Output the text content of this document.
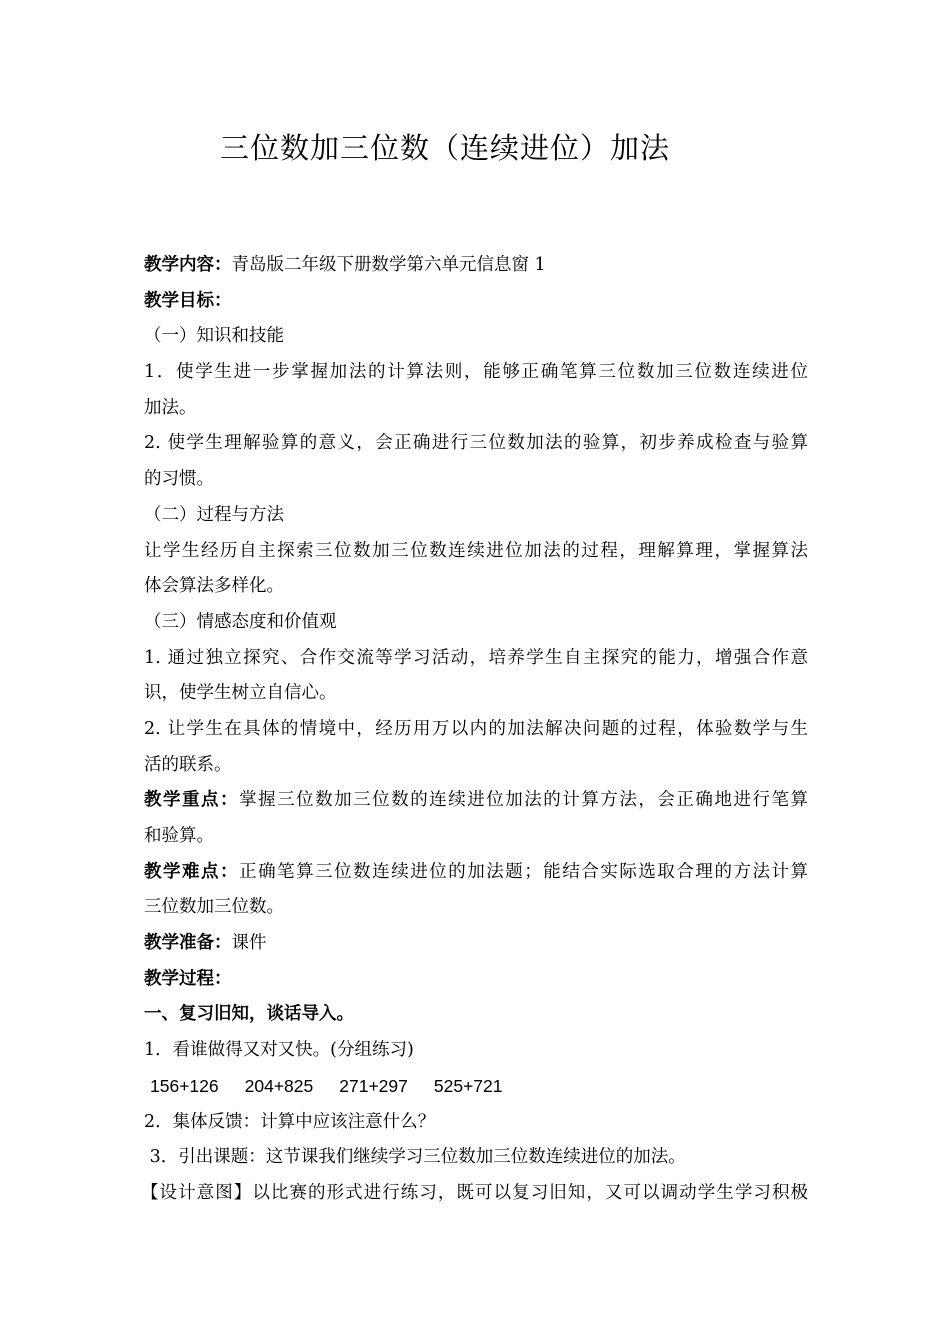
三位数加三位数（连续进位）加法
教学内容：青岛版二年级下册数学第六单元信息窗 1
教学目标：
（一）知识和技能
1．使学生进一步掌握加法的计算法则，能够正确笔算三位数加三位数连续进位
加法。
2. 使学生理解验算的意义，会正确进行三位数加法的验算，初步养成检查与验算
的习惯。
（二）过程与方法
让学生经历自主探索三位数加三位数连续进位加法的过程，理解算理，掌握算法
体会算法多样化。
（三）情感态度和价值观
1. 通过独立探究、合作交流等学习活动，培养学生自主探究的能力，增强合作意
识，使学生树立自信心。
2. 让学生在具体的情境中，经历用万以内的加法解决问题的过程，体验数学与生
活的联系。
教学重点：掌握三位数加三位数的连续进位加法的计算方法，会正确地进行笔算
和验算。
教学难点：正确笔算三位数连续进位的加法题；能结合实际选取合理的方法计算
三位数加三位数。
教学准备：课件
教学过程：
一、复习旧知，谈话导入。
1．看谁做得又对又快。(分组练习)
156+126 204+825 271+297 525+721
2．集体反馈：计算中应该注意什么？
3．引出课题：这节课我们继续学习三位数加三位数连续进位的加法。
【设计意图】以比赛的形式进行练习，既可以复习旧知，又可以调动学生学习积极
